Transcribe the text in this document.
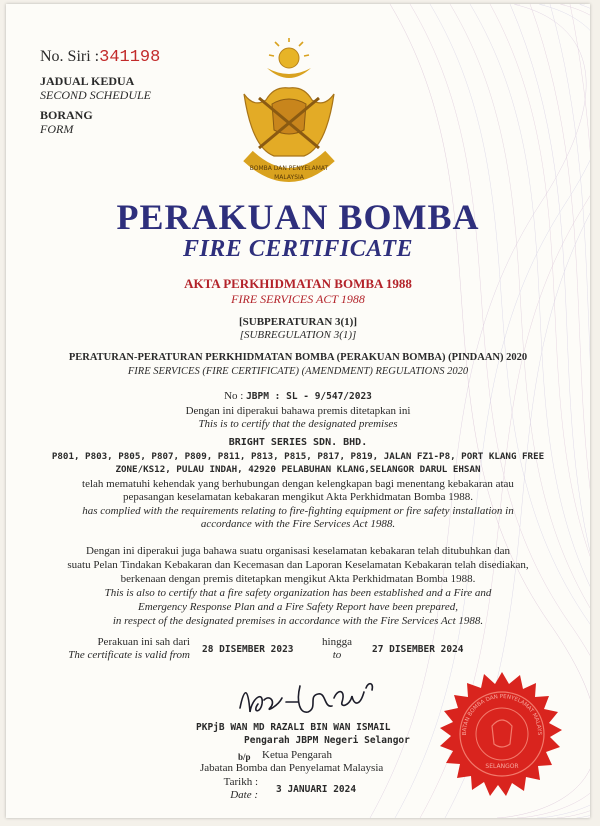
No. Siri :341198
JADUAL KEDUA
SECOND SCHEDULE
BORANG
FORM
BOMBA DAN PENYELAMAT
MALAYSIA
PERAKUAN BOMBA
FIRE CERTIFICATE
AKTA PERKHIDMATAN BOMBA 1988
FIRE SERVICES ACT 1988
[SUBPERATURAN 3(1)]
[SUBREGULATION 3(1)]
PERATURAN-PERATURAN PERKHIDMATAN BOMBA (PERAKUAN BOMBA) (PINDAAN) 2020
FIRE SERVICES (FIRE CERTIFICATE) (AMENDMENT) REGULATIONS 2020
No : JBPM : SL - 9/547/2023
Dengan ini diperakui bahawa premis ditetapkan ini
This is to certify that the designated premises
BRIGHT SERIES SDN. BHD.
P801, P803, P805, P807, P809, P811, P813, P815, P817, P819, JALAN FZ1-P8, PORT KLANG FREE
ZONE/KS12, PULAU INDAH, 42920 PELABUHAN KLANG,SELANGOR DARUL EHSAN
telah mematuhi kehendak yang berhubungan dengan kelengkapan bagi menentang kebakaran atau
pepasangan keselamatan kebakaran mengikut Akta Perkhidmatan Bomba 1988.
has complied with the requirements relating to fire-fighting equipment or fire safety installation in
accordance with the Fire Services Act 1988.
Dengan ini diperakui juga bahawa suatu organisasi keselamatan kebakaran telah ditubuhkan dan
suatu Pelan Tindakan Kebakaran dan Kecemasan dan Laporan Keselamatan Kebakaran telah disediakan,
berkenaan dengan premis ditetapkan mengikut Akta Perkhidmatan Bomba 1988.
This is also to certify that a fire safety organization has been established and a Fire and
Emergency Response Plan and a Fire Safety Report have been prepared,
in respect of the designated premises in accordance with the Fire Services Act 1988.
Perakuan ini sah dari
The certificate is valid from 28 DISEMBER 2023
hingga
to	27 DISEMBER 2024
PKPjB WAN MD RAZALI BIN WAN ISMAIL
Pengarah JBPM Negeri Selangor
b/p Ketua Pengarah
Jabatan Bomba dan Penyelamat Malaysia
Tarikh :
Date : 3 JANUARI 2024
BATAN BOMBA DAN PENYELAMAT MALAYS
SELANGOR
